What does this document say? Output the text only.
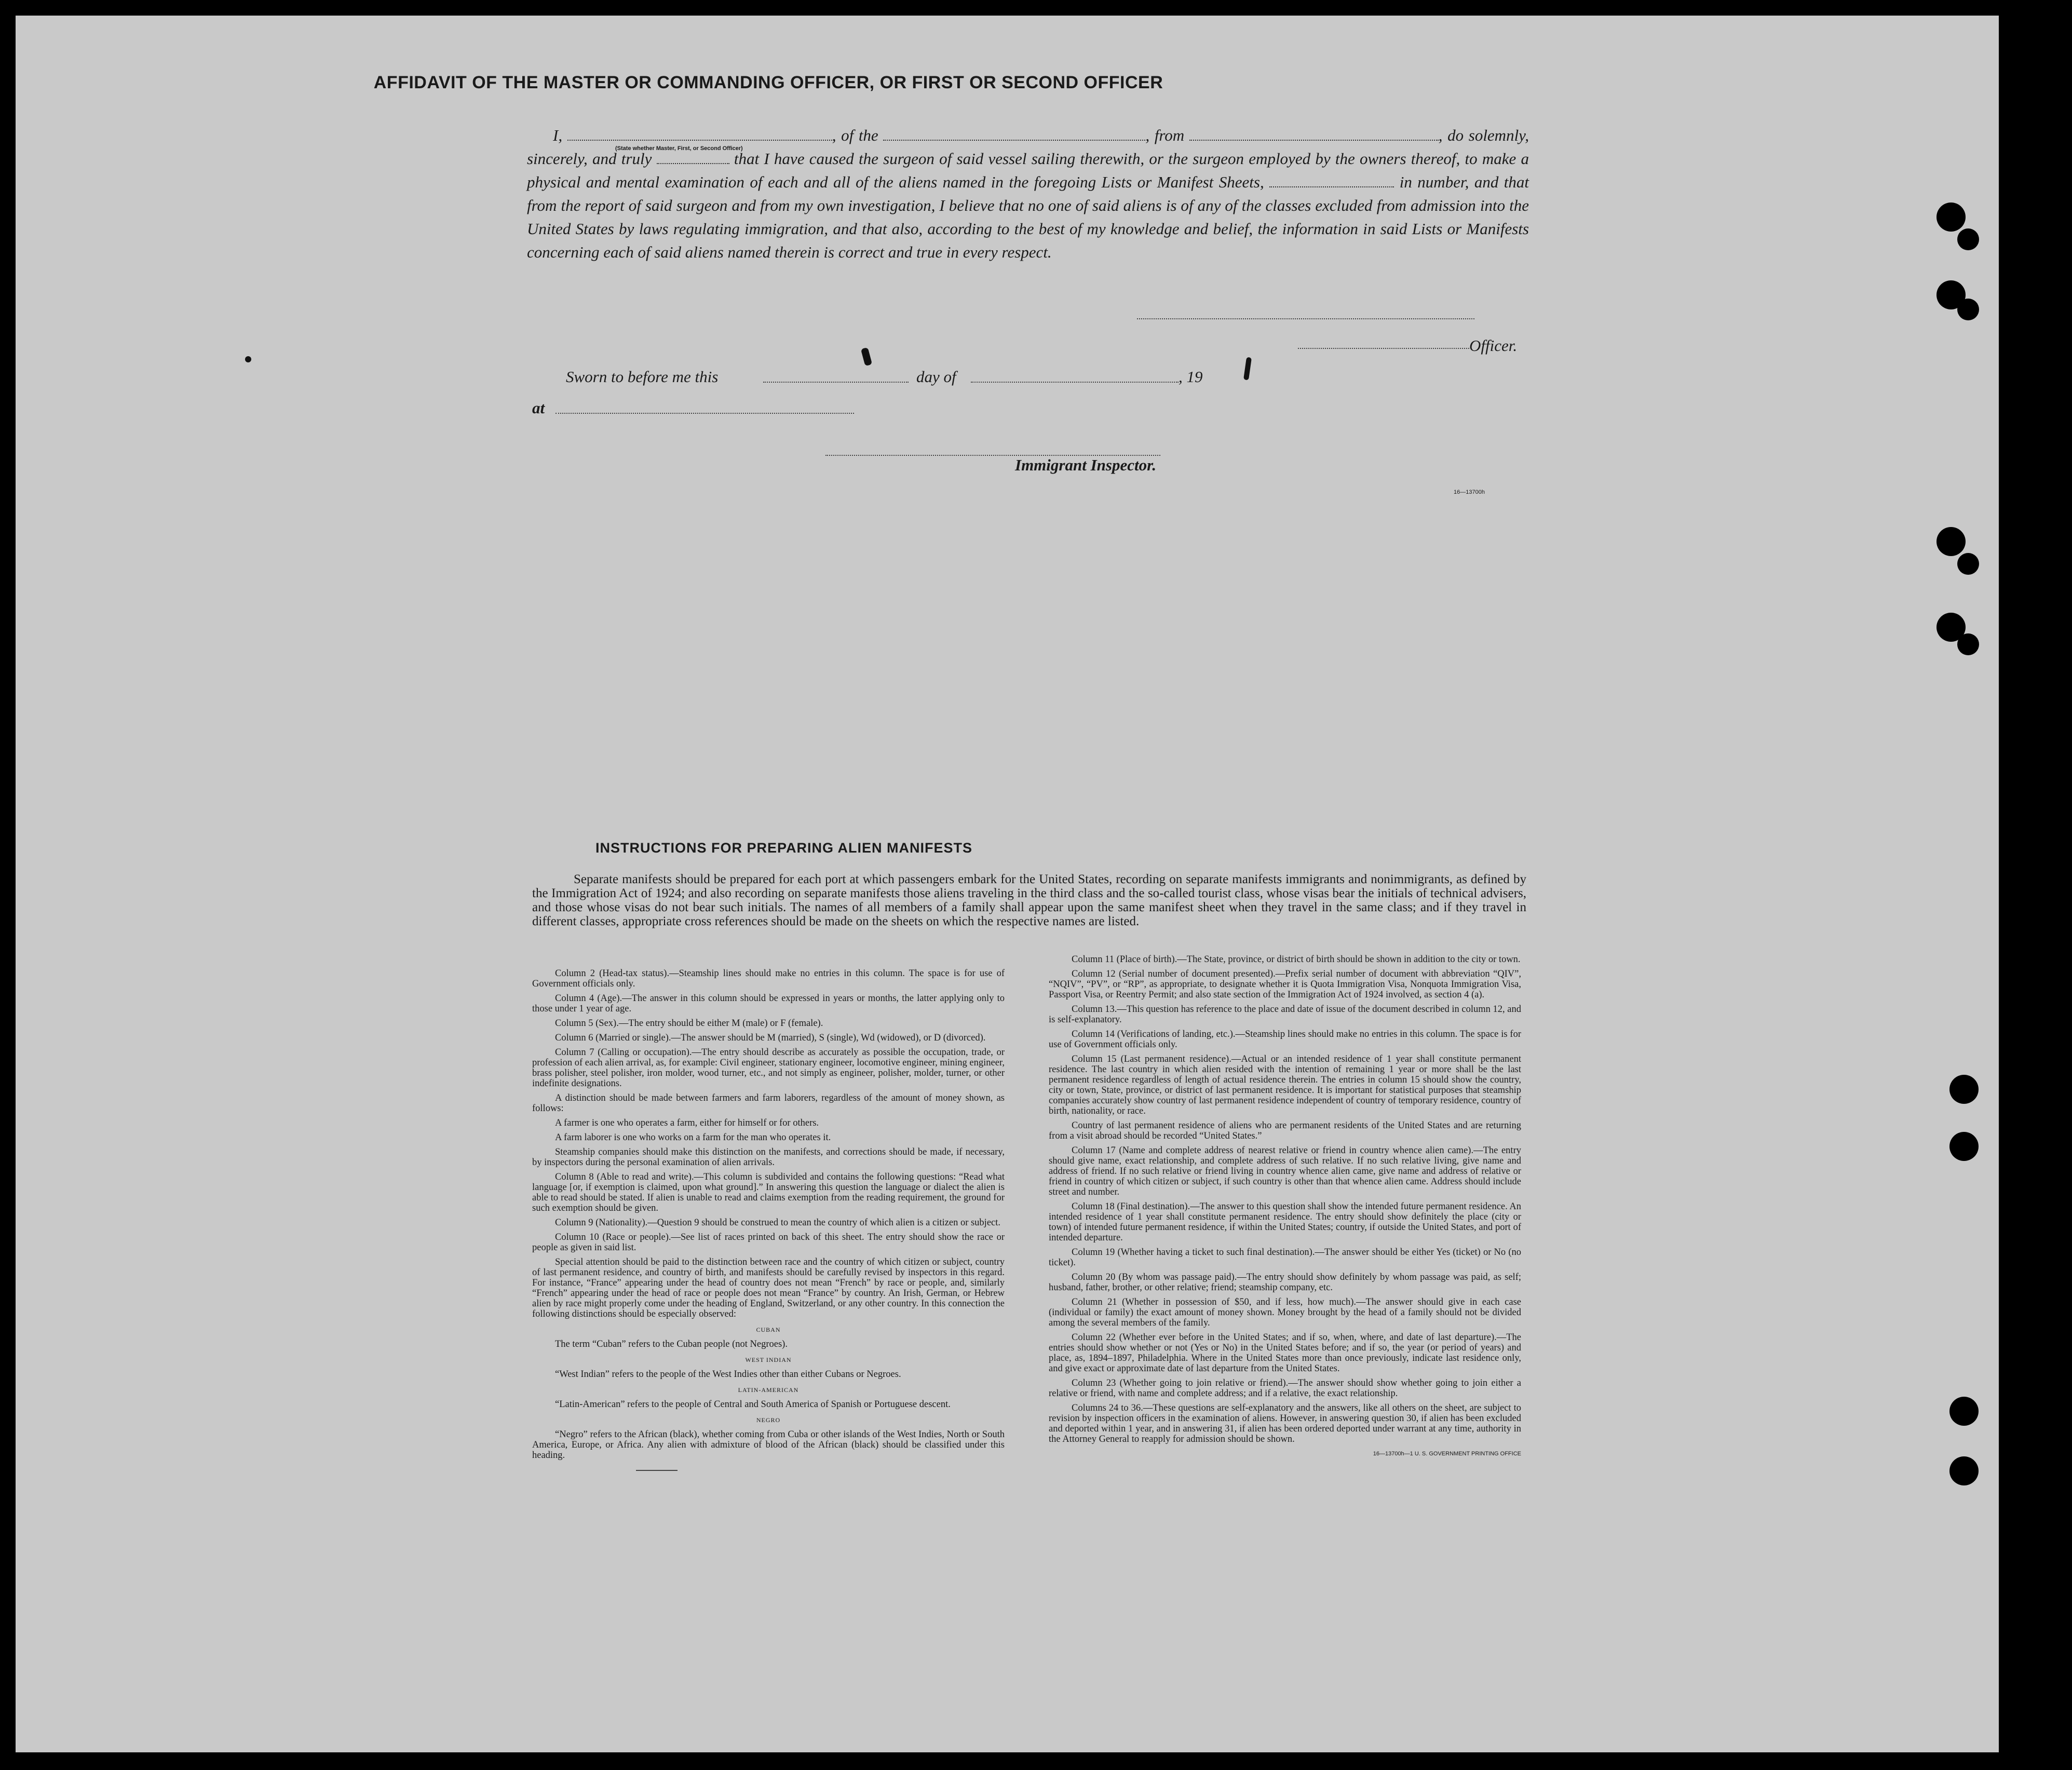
AFFIDAVIT OF THE MASTER OR COMMANDING OFFICER, OR FIRST OR SECOND OFFICER
I,	, of the	, from	, do solemnly, sincerely, and truly	that I have caused the surgeon of said vessel sailing therewith, or the surgeon employed by the owners thereof, to make a physical and mental examination of each and all of the aliens named in the foregoing Lists or Manifest Sheets,	in number, and that from the report of said surgeon and from my own investigation, I believe that no one of said aliens is of any of the classes excluded from admission into the United States by laws regulating immigration, and that also, according to the best of my knowledge and belief, the information in said Lists or Manifests concerning each of said aliens named therein is correct and true in every respect.
(State whether Master, First, or Second Officer)
Officer.
Sworn to before me this	day of	, 19
at
Immigrant Inspector.
16—13700h
INSTRUCTIONS FOR PREPARING ALIEN MANIFESTS
Separate manifests should be prepared for each port at which passengers embark for the United States, recording on separate manifests immigrants and nonimmigrants, as defined by the Immigration Act of 1924; and also recording on separate manifests those aliens traveling in the third class and the so-called tourist class, whose visas bear the initials of technical advisers, and those whose visas do not bear such initials. The names of all members of a family shall appear upon the same manifest sheet when they travel in the same class; and if they travel in different classes, appropriate cross references should be made on the sheets on which the respective names are listed.

Column 2 (Head-tax status).—Steamship lines should make no entries in this column. The space is for use of Government officials only.

Column 4 (Age).—The answer in this column should be expressed in years or months, the latter applying only to those under 1 year of age.

Column 5 (Sex).—The entry should be either M (male) or F (female).

Column 6 (Married or single).—The answer should be M (married), S (single), Wd (widowed), or D (divorced).

Column 7 (Calling or occupation).—The entry should describe as accurately as possible the occupation, trade, or profession of each alien arrival, as, for example: Civil engineer, stationary engineer, locomotive engineer, mining engineer, brass polisher, steel polisher, iron molder, wood turner, etc., and not simply as engineer, polisher, molder, turner, or other indefinite designations.

A distinction should be made between farmers and farm laborers, regardless of the amount of money shown, as follows:

A farmer is one who operates a farm, either for himself or for others.

A farm laborer is one who works on a farm for the man who operates it.

Steamship companies should make this distinction on the manifests, and corrections should be made, if necessary, by inspectors during the personal examination of alien arrivals.

Column 8 (Able to read and write).—This column is subdivided and contains the following questions: “Read what language [or, if exemption is claimed, upon what ground].” In answering this question the language or dialect the alien is able to read should be stated. If alien is unable to read and claims exemption from the reading requirement, the ground for such exemption should be given.

Column 9 (Nationality).—Question 9 should be construed to mean the country of which alien is a citizen or subject.

Column 10 (Race or people).—See list of races printed on back of this sheet. The entry should show the race or people as given in said list.

Special attention should be paid to the distinction between race and the country of which citizen or subject, country of last permanent residence, and country of birth, and manifests should be carefully revised by inspectors in this regard. For instance, “France” appearing under the head of country does not mean “French” by race or people, and, similarly “French” appearing under the head of race or people does not mean “France” by country. An Irish, German, or Hebrew alien by race might properly come under the heading of England, Switzerland, or any other country. In this connection the following distinctions should be especially observed:

CUBAN

The term “Cuban” refers to the Cuban people (not Negroes).

WEST INDIAN

“West Indian” refers to the people of the West Indies other than either Cubans or Negroes.

LATIN-AMERICAN

“Latin-American” refers to the people of Central and South America of Spanish or Portuguese descent.

NEGRO

“Negro” refers to the African (black), whether coming from Cuba or other islands of the West Indies, North or South America, Europe, or Africa. Any alien with admixture of blood of the African (black) should be classified under this heading.

Column 11 (Place of birth).—The State, province, or district of birth should be shown in addition to the city or town.

Column 12 (Serial number of document presented).—Prefix serial number of document with abbreviation “QIV”, “NQIV”, “PV”, or “RP”, as appropriate, to designate whether it is Quota Immigration Visa, Nonquota Immigration Visa, Passport Visa, or Reentry Permit; and also state section of the Immigration Act of 1924 involved, as section 4 (a).

Column 13.—This question has reference to the place and date of issue of the document described in column 12, and is self-explanatory.

Column 14 (Verifications of landing, etc.).—Steamship lines should make no entries in this column. The space is for use of Government officials only.

Column 15 (Last permanent residence).—Actual or an intended residence of 1 year shall constitute permanent residence. The last country in which alien resided with the intention of remaining 1 year or more shall be the last permanent residence regardless of length of actual residence therein. The entries in column 15 should show the country, city or town, State, province, or district of last permanent residence. It is important for statistical purposes that steamship companies accurately show country of last permanent residence independent of country of temporary residence, country of birth, nationality, or race.

Country of last permanent residence of aliens who are permanent residents of the United States and are returning from a visit abroad should be recorded “United States.”

Column 17 (Name and complete address of nearest relative or friend in country whence alien came).—The entry should give name, exact relationship, and complete address of such relative. If no such relative living, give name and address of friend. If no such relative or friend living in country whence alien came, give name and address of relative or friend in country of which citizen or subject, if such country is other than that whence alien came. Address should include street and number.

Column 18 (Final destination).—The answer to this question shall show the intended future permanent residence. An intended residence of 1 year shall constitute permanent residence. The entry should show definitely the place (city or town) of intended future permanent residence, if within the United States; country, if outside the United States, and port of intended departure.

Column 19 (Whether having a ticket to such final destination).—The answer should be either Yes (ticket) or No (no ticket).

Column 20 (By whom was passage paid).—The entry should show definitely by whom passage was paid, as self; husband, father, brother, or other relative; friend; steamship company, etc.

Column 21 (Whether in possession of $50, and if less, how much).—The answer should give in each case (individual or family) the exact amount of money shown. Money brought by the head of a family should not be divided among the several members of the family.

Column 22 (Whether ever before in the United States; and if so, when, where, and date of last departure).—The entries should show whether or not (Yes or No) in the United States before; and if so, the year (or period of years) and place, as, 1894–1897, Philadelphia. Where in the United States more than once previously, indicate last residence only, and give exact or approximate date of last departure from the United States.

Column 23 (Whether going to join relative or friend).—The answer should show whether going to join either a relative or friend, with name and complete address; and if a relative, the exact relationship.

Columns 24 to 36.—These questions are self-explanatory and the answers, like all others on the sheet, are subject to revision by inspection officers in the examination of aliens. However, in answering question 30, if alien has been excluded and deported within 1 year, and in answering 31, if alien has been ordered deported under warrant at any time, authority in the Attorney General to reapply for admission should be shown.

16—13700h—1 U. S. GOVERNMENT PRINTING OFFICE
